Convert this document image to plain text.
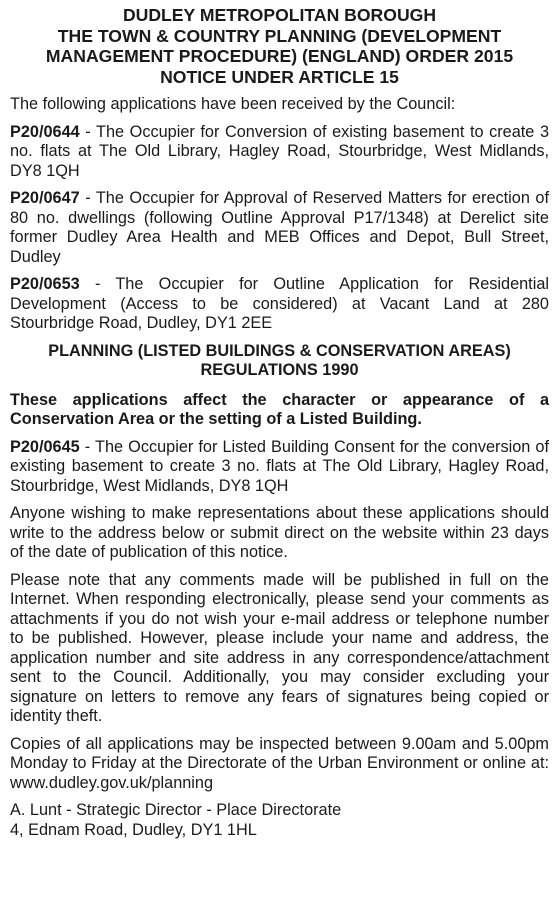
DUDLEY METROPOLITAN BOROUGH
THE TOWN & COUNTRY PLANNING (DEVELOPMENT
MANAGEMENT PROCEDURE) (ENGLAND) ORDER 2015
NOTICE UNDER ARTICLE 15

The following applications have been received by the Council:

P20/0644 - The Occupier for Conversion of existing basement to create 3 no. flats at The Old Library, Hagley Road, Stourbridge, West Midlands, DY8 1QH

P20/0647 - The Occupier for Approval of Reserved Matters for erection of 80 no. dwellings (following Outline Approval P17/1348) at Derelict site former Dudley Area Health and MEB Offices and Depot, Bull Street, Dudley

P20/0653 - The Occupier for Outline Application for Residential Development (Access to be considered) at Vacant Land at 280 Stourbridge Road, Dudley, DY1 2EE

PLANNING (LISTED BUILDINGS & CONSERVATION AREAS)
REGULATIONS 1990

These applications affect the character or appearance of a Conservation Area or the setting of a Listed Building.

P20/0645 - The Occupier for Listed Building Consent for the conversion of existing basement to create 3 no. flats at The Old Library, Hagley Road, Stourbridge, West Midlands, DY8 1QH

Anyone wishing to make representations about these applications should write to the address below or submit direct on the website within 23 days of the date of publication of this notice.

Please note that any comments made will be published in full on the Internet. When responding electronically, please send your comments as attachments if you do not wish your e-mail address or telephone number to be published. However, please include your name and address, the application number and site address in any correspondence/attachment sent to the Council. Additionally, you may consider excluding your signature on letters to remove any fears of signatures being copied or identity theft.

Copies of all applications may be inspected between 9.00am and 5.00pm Monday to Friday at the Directorate of the Urban Environment or online at: www.dudley.gov.uk/planning

A. Lunt - Strategic Director - Place Directorate
4, Ednam Road, Dudley, DY1 1HL
